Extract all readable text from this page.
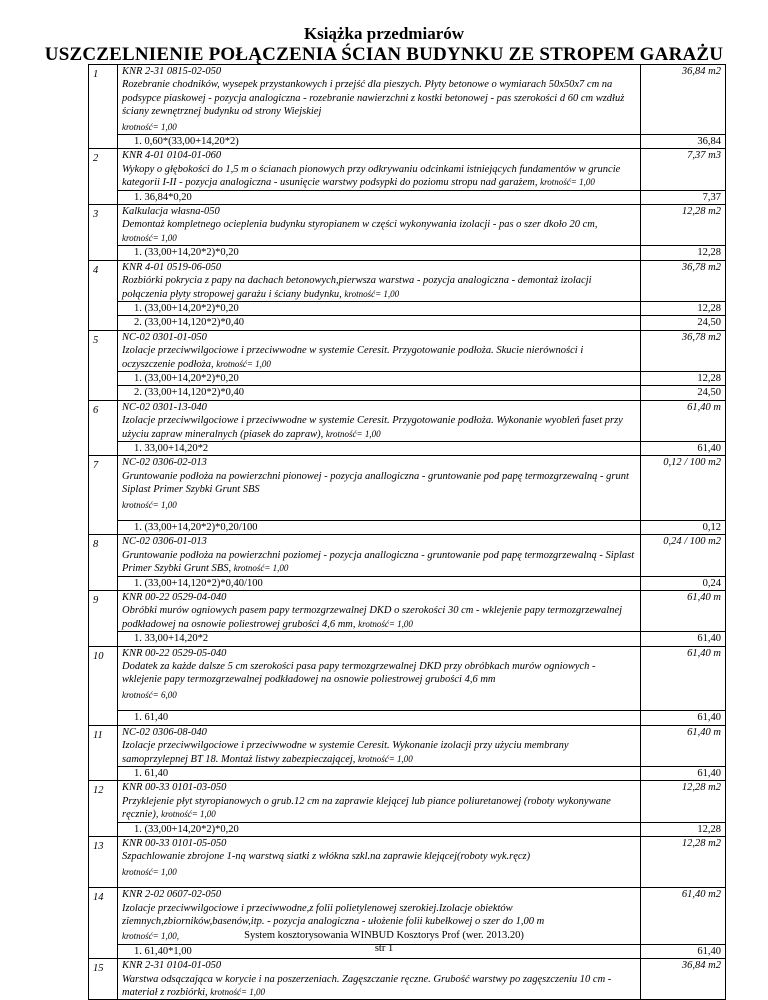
Książka przedmiarów
USZCZELNIENIE POŁĄCZENIA ŚCIAN BUDYNKU ZE STROPEM GARAŻU
1	KNR 2-31 0815-02-050
Rozebranie chodników, wysepek przystankowych i przejść dla pieszych. Płyty betonowe o wymiarach 50x50x7 cm na podsypce piaskowej - pozycja analogiczna - rozebranie nawierzchni z kostki betonowej - pas szerokości d 60 cm wzdłuż ściany zewnętrznej budynku od strony Wiejskiej
krotność= 1,00	36,84 m2

	1. 0,60*(33,00+14,20*2)	36,84
2	KNR 4-01 0104-01-060
Wykopy o głębokości do 1,5 m o ścianach pionowych przy odkrywaniu odcinkami istniejących fundamentów w gruncie kategorii I-II - pozycja analogiczna - usunięcie warstwy podsypki do poziomu stropu nad garażem, krotność= 1,00	7,37 m3

	1. 36,84*0,20	7,37
3	Kalkulacja własna-050
Demontaż kompletnego ocieplenia budynku styropianem w części wykonywania izolacji - pas o szer dkoło 20 cm, krotność= 1,00	12,28 m2

	1. (33,00+14,20*2)*0,20	12,28
4	KNR 4-01 0519-06-050
Rozbiórki pokrycia z papy na dachach betonowych,pierwsza warstwa - pozycja analogiczna - demontaż izolacji połączenia płyty stropowej garażu i ściany budynku, krotność= 1,00	36,78 m2

	1. (33,00+14,20*2)*0,20	12,28

	2. (33,00+14,120*2)*0,40	24,50
5	NC-02 0301-01-050
Izolacje przeciwwilgociowe i przeciwwodne w systemie Ceresit. Przygotowanie podłoża. Skucie nierówności i oczyszczenie podłoża, krotność= 1,00	36,78 m2

	1. (33,00+14,20*2)*0,20	12,28

	2. (33,00+14,120*2)*0,40	24,50
6	NC-02 0301-13-040
Izolacje przeciwwilgociowe i przeciwwodne w systemie Ceresit. Przygotowanie podłoża. Wykonanie wyobleń faset przy użyciu zapraw mineralnych (piasek do zapraw), krotność= 1,00	61,40 m

	1. 33,00+14,20*2	61,40
7	NC-02 0306-02-013
Gruntowanie podłoża na powierzchni pionowej - pozycja anallogiczna - gruntowanie pod papę termozgrzewalną - grunt Siplast Primer Szybki Grunt SBS
krotność= 1,00	0,12 / 100 m2

	1. (33,00+14,20*2)*0,20/100	0,12
8	NC-02 0306-01-013
Gruntowanie podłoża na powierzchni poziomej - pozycja anallogiczna - gruntowanie pod papę termozgrzewalną - Siplast Primer Szybki Grunt SBS, krotność= 1,00	0,24 / 100 m2

	1. (33,00+14,120*2)*0,40/100	0,24
9	KNR 00-22 0529-04-040
Obróbki murów ogniowych pasem papy termozgrzewalnej DKD o szerokości 30 cm - wklejenie papy termozgrzewalnej podkładowej na osnowie poliestrowej grubości 4,6 mm, krotność= 1,00	61,40 m

	1. 33,00+14,20*2	61,40
10	KNR 00-22 0529-05-040
Dodatek za każde dalsze 5 cm szerokości pasa papy termozgrzewalnej DKD przy obróbkach murów ogniowych - wklejenie papy termozgrzewalnej podkładowej na osnowie poliestrowej grubości 4,6 mm
krotność= 6,00	61,40 m

	1. 61,40	61,40
11	NC-02 0306-08-040
Izolacje przeciwwilgociowe i przeciwwodne w systemie Ceresit. Wykonanie izolacji przy użyciu membrany samoprzylepnej BT 18. Montaż listwy zabezpieczającej, krotność= 1,00	61,40 m

	1. 61,40	61,40
12	KNR 00-33 0101-03-050
Przyklejenie płyt styropianowych o grub.12 cm na zaprawie klejącej lub piance poliuretanowej (roboty wykonywane ręcznie), krotność= 1,00	12,28 m2

	1. (33,00+14,20*2)*0,20	12,28
13	KNR 00-33 0101-05-050
Szpachlowanie zbrojone 1-ną warstwą siatki z włókna szkl.na zaprawie klejącej(roboty wyk.ręcz)
krotność= 1,00	12,28 m2
14	KNR 2-02 0607-02-050
Izolacje przeciwwilgociowe i przeciwwodne,z folii polietylenowej szerokiej.Izolacje obiektów ziemnych,zbiorników,basenów,itp. - pozycja analogiczna - ułożenie folii kubełkowej o szer do 1,00 m
krotność= 1,00,	61,40 m2

	1. 61,40*1,00	61,40
15	KNR 2-31 0104-01-050
Warstwa odsączająca w korycie i na poszerzeniach. Zagęszczanie ręczne. Grubość warstwy po zagęszczeniu 10 cm - materiał z rozbiórki, krotność= 1,00	36,84 m2
System kosztorysowania WINBUD Kosztorys Prof (wer. 2013.20)
str 1
